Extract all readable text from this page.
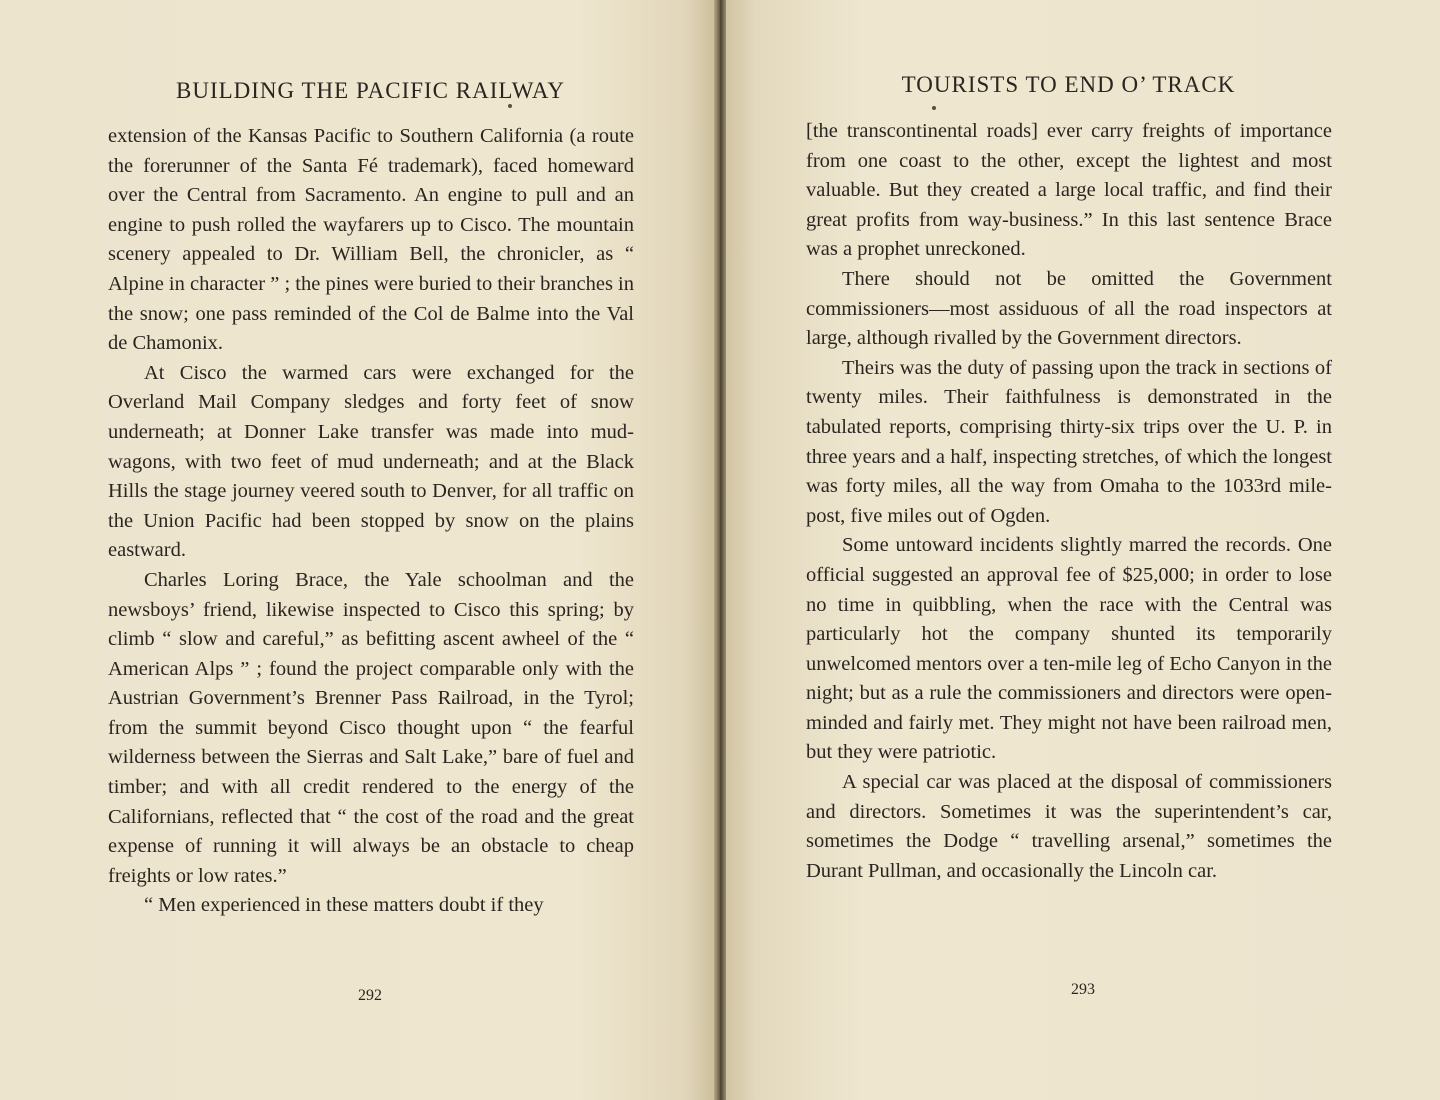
BUILDING THE PACIFIC RAILWAY

extension of the Kansas Pacific to Southern California (a route the forerunner of the Santa Fé trademark), faced homeward over the Central from Sacramento. An engine to pull and an engine to push rolled the wayfarers up to Cisco. The mountain scenery appealed to Dr. William Bell, the chronicler, as “ Alpine in character ” ; the pines were buried to their branches in the snow; one pass reminded of the Col de Balme into the Val de Chamonix.

At Cisco the warmed cars were exchanged for the Overland Mail Company sledges and forty feet of snow underneath; at Donner Lake transfer was made into mud-wagons, with two feet of mud underneath; and at the Black Hills the stage journey veered south to Denver, for all traffic on the Union Pacific had been stopped by snow on the plains eastward.

Charles Loring Brace, the Yale schoolman and the newsboys’ friend, likewise inspected to Cisco this spring; by climb “ slow and careful,” as befitting ascent awheel of the “ American Alps ” ; found the project comparable only with the Austrian Government’s Brenner Pass Railroad, in the Tyrol; from the summit beyond Cisco thought upon “ the fearful wilderness between the Sierras and Salt Lake,” bare of fuel and timber; and with all credit rendered to the energy of the Californians, reflected that “ the cost of the road and the great expense of running it will always be an obstacle to cheap freights or low rates.”

“ Men experienced in these matters doubt if they

292
TOURISTS TO END O’ TRACK

[the transcontinental roads] ever carry freights of importance from one coast to the other, except the lightest and most valuable. But they created a large local traffic, and find their great profits from way-business.” In this last sentence Brace was a prophet unreckoned.

There should not be omitted the Government commissioners—most assiduous of all the road inspectors at large, although rivalled by the Government directors.

Theirs was the duty of passing upon the track in sections of twenty miles. Their faithfulness is demonstrated in the tabulated reports, comprising thirty-six trips over the U. P. in three years and a half, inspecting stretches, of which the longest was forty miles, all the way from Omaha to the 1033rd mile-post, five miles out of Ogden.

Some untoward incidents slightly marred the records. One official suggested an approval fee of $25,000; in order to lose no time in quibbling, when the race with the Central was particularly hot the company shunted its temporarily unwelcomed mentors over a ten-mile leg of Echo Canyon in the night; but as a rule the commissioners and directors were open-minded and fairly met. They might not have been railroad men, but they were patriotic.

A special car was placed at the disposal of commissioners and directors. Sometimes it was the superintendent’s car, sometimes the Dodge “ travelling arsenal,” sometimes the Durant Pullman, and occasionally the Lincoln car.

293
